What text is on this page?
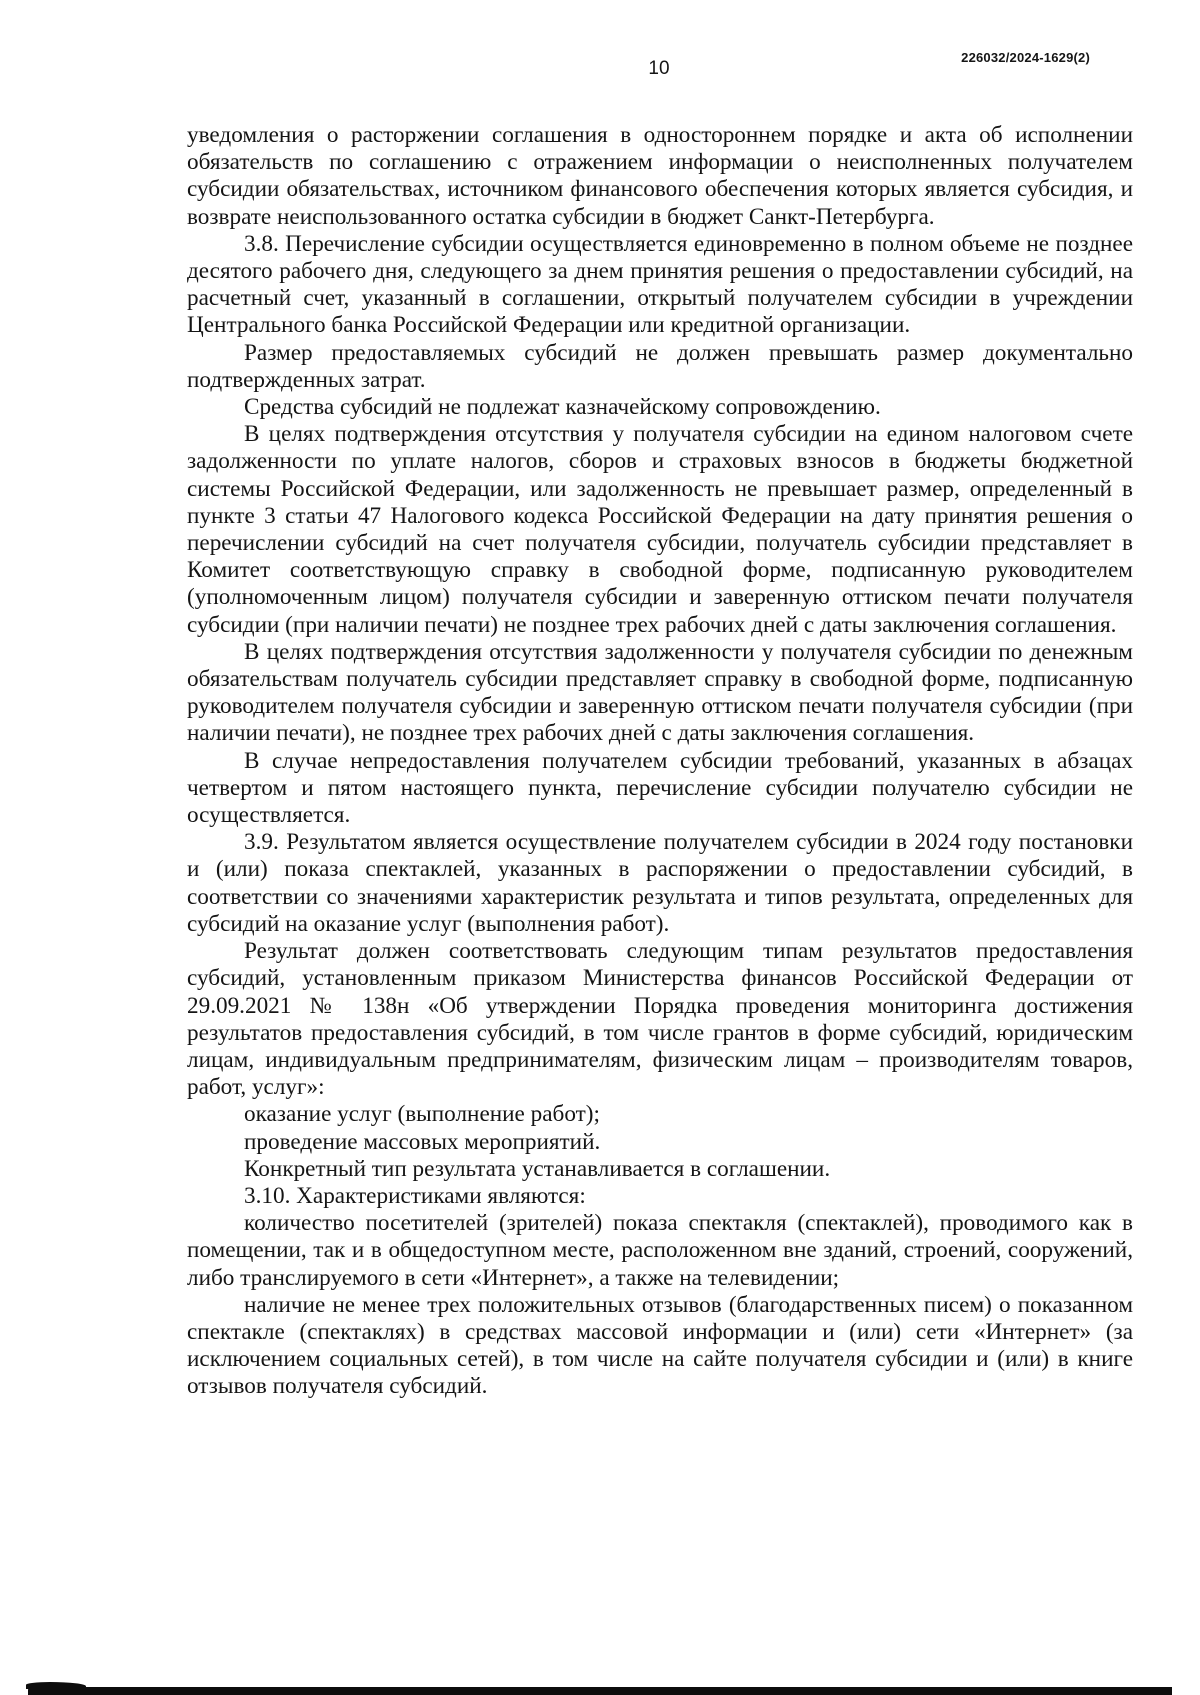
226032/2024-1629(2)
10

уведомления о расторжении соглашения в одностороннем порядке и акта об исполнении обязательств по соглашению с отражением информации о неисполненных получателем субсидии обязательствах, источником финансового обеспечения которых является субсидия, и возврате неиспользованного остатка субсидии в бюджет Санкт-Петербурга.

3.8. Перечисление субсидии осуществляется единовременно в полном объеме не позднее десятого рабочего дня, следующего за днем принятия решения о предоставлении субсидий, на расчетный счет, указанный в соглашении, открытый получателем субсидии в учреждении Центрального банка Российской Федерации или кредитной организации.

Размер предоставляемых субсидий не должен превышать размер документально подтвержденных затрат.

Средства субсидий не подлежат казначейскому сопровождению.

В целях подтверждения отсутствия у получателя субсидии на едином налоговом счете задолженности по уплате налогов, сборов и страховых взносов в бюджеты бюджетной системы Российской Федерации, или задолженность не превышает размер, определенный в пункте 3 статьи 47 Налогового кодекса Российской Федерации на дату принятия решения о перечислении субсидий на счет получателя субсидии, получатель субсидии представляет в Комитет соответствующую справку в свободной форме, подписанную руководителем (уполномоченным лицом) получателя субсидии и заверенную оттиском печати получателя субсидии (при наличии печати) не позднее трех рабочих дней с даты заключения соглашения.

В целях подтверждения отсутствия задолженности у получателя субсидии по денежным обязательствам получатель субсидии представляет справку в свободной форме, подписанную руководителем получателя субсидии и заверенную оттиском печати получателя субсидии (при наличии печати), не позднее трех рабочих дней с даты заключения соглашения.

В случае непредоставления получателем субсидии требований, указанных в абзацах четвертом и пятом настоящего пункта, перечисление субсидии получателю субсидии не осуществляется.

3.9. Результатом является осуществление получателем субсидии в 2024 году постановки и (или) показа спектаклей, указанных в распоряжении о предоставлении субсидий, в соответствии со значениями характеристик результата и типов результата, определенных для субсидий на оказание услуг (выполнения работ).

Результат должен соответствовать следующим типам результатов предоставления субсидий, установленным приказом Министерства финансов Российской Федерации от 29.09.2021 № 138н «Об утверждении Порядка проведения мониторинга достижения результатов предоставления субсидий, в том числе грантов в форме субсидий, юридическим лицам, индивидуальным предпринимателям, физическим лицам – производителям товаров, работ, услуг»:

оказание услуг (выполнение работ);

проведение массовых мероприятий.

Конкретный тип результата устанавливается в соглашении.

3.10. Характеристиками являются:

количество посетителей (зрителей) показа спектакля (спектаклей), проводимого как в помещении, так и в общедоступном месте, расположенном вне зданий, строений, сооружений, либо транслируемого в сети «Интернет», а также на телевидении;

наличие не менее трех положительных отзывов (благодарственных писем) о показанном спектакле (спектаклях) в средствах массовой информации и (или) сети «Интернет» (за исключением социальных сетей), в том числе на сайте получателя субсидии и (или) в книге отзывов получателя субсидий.
